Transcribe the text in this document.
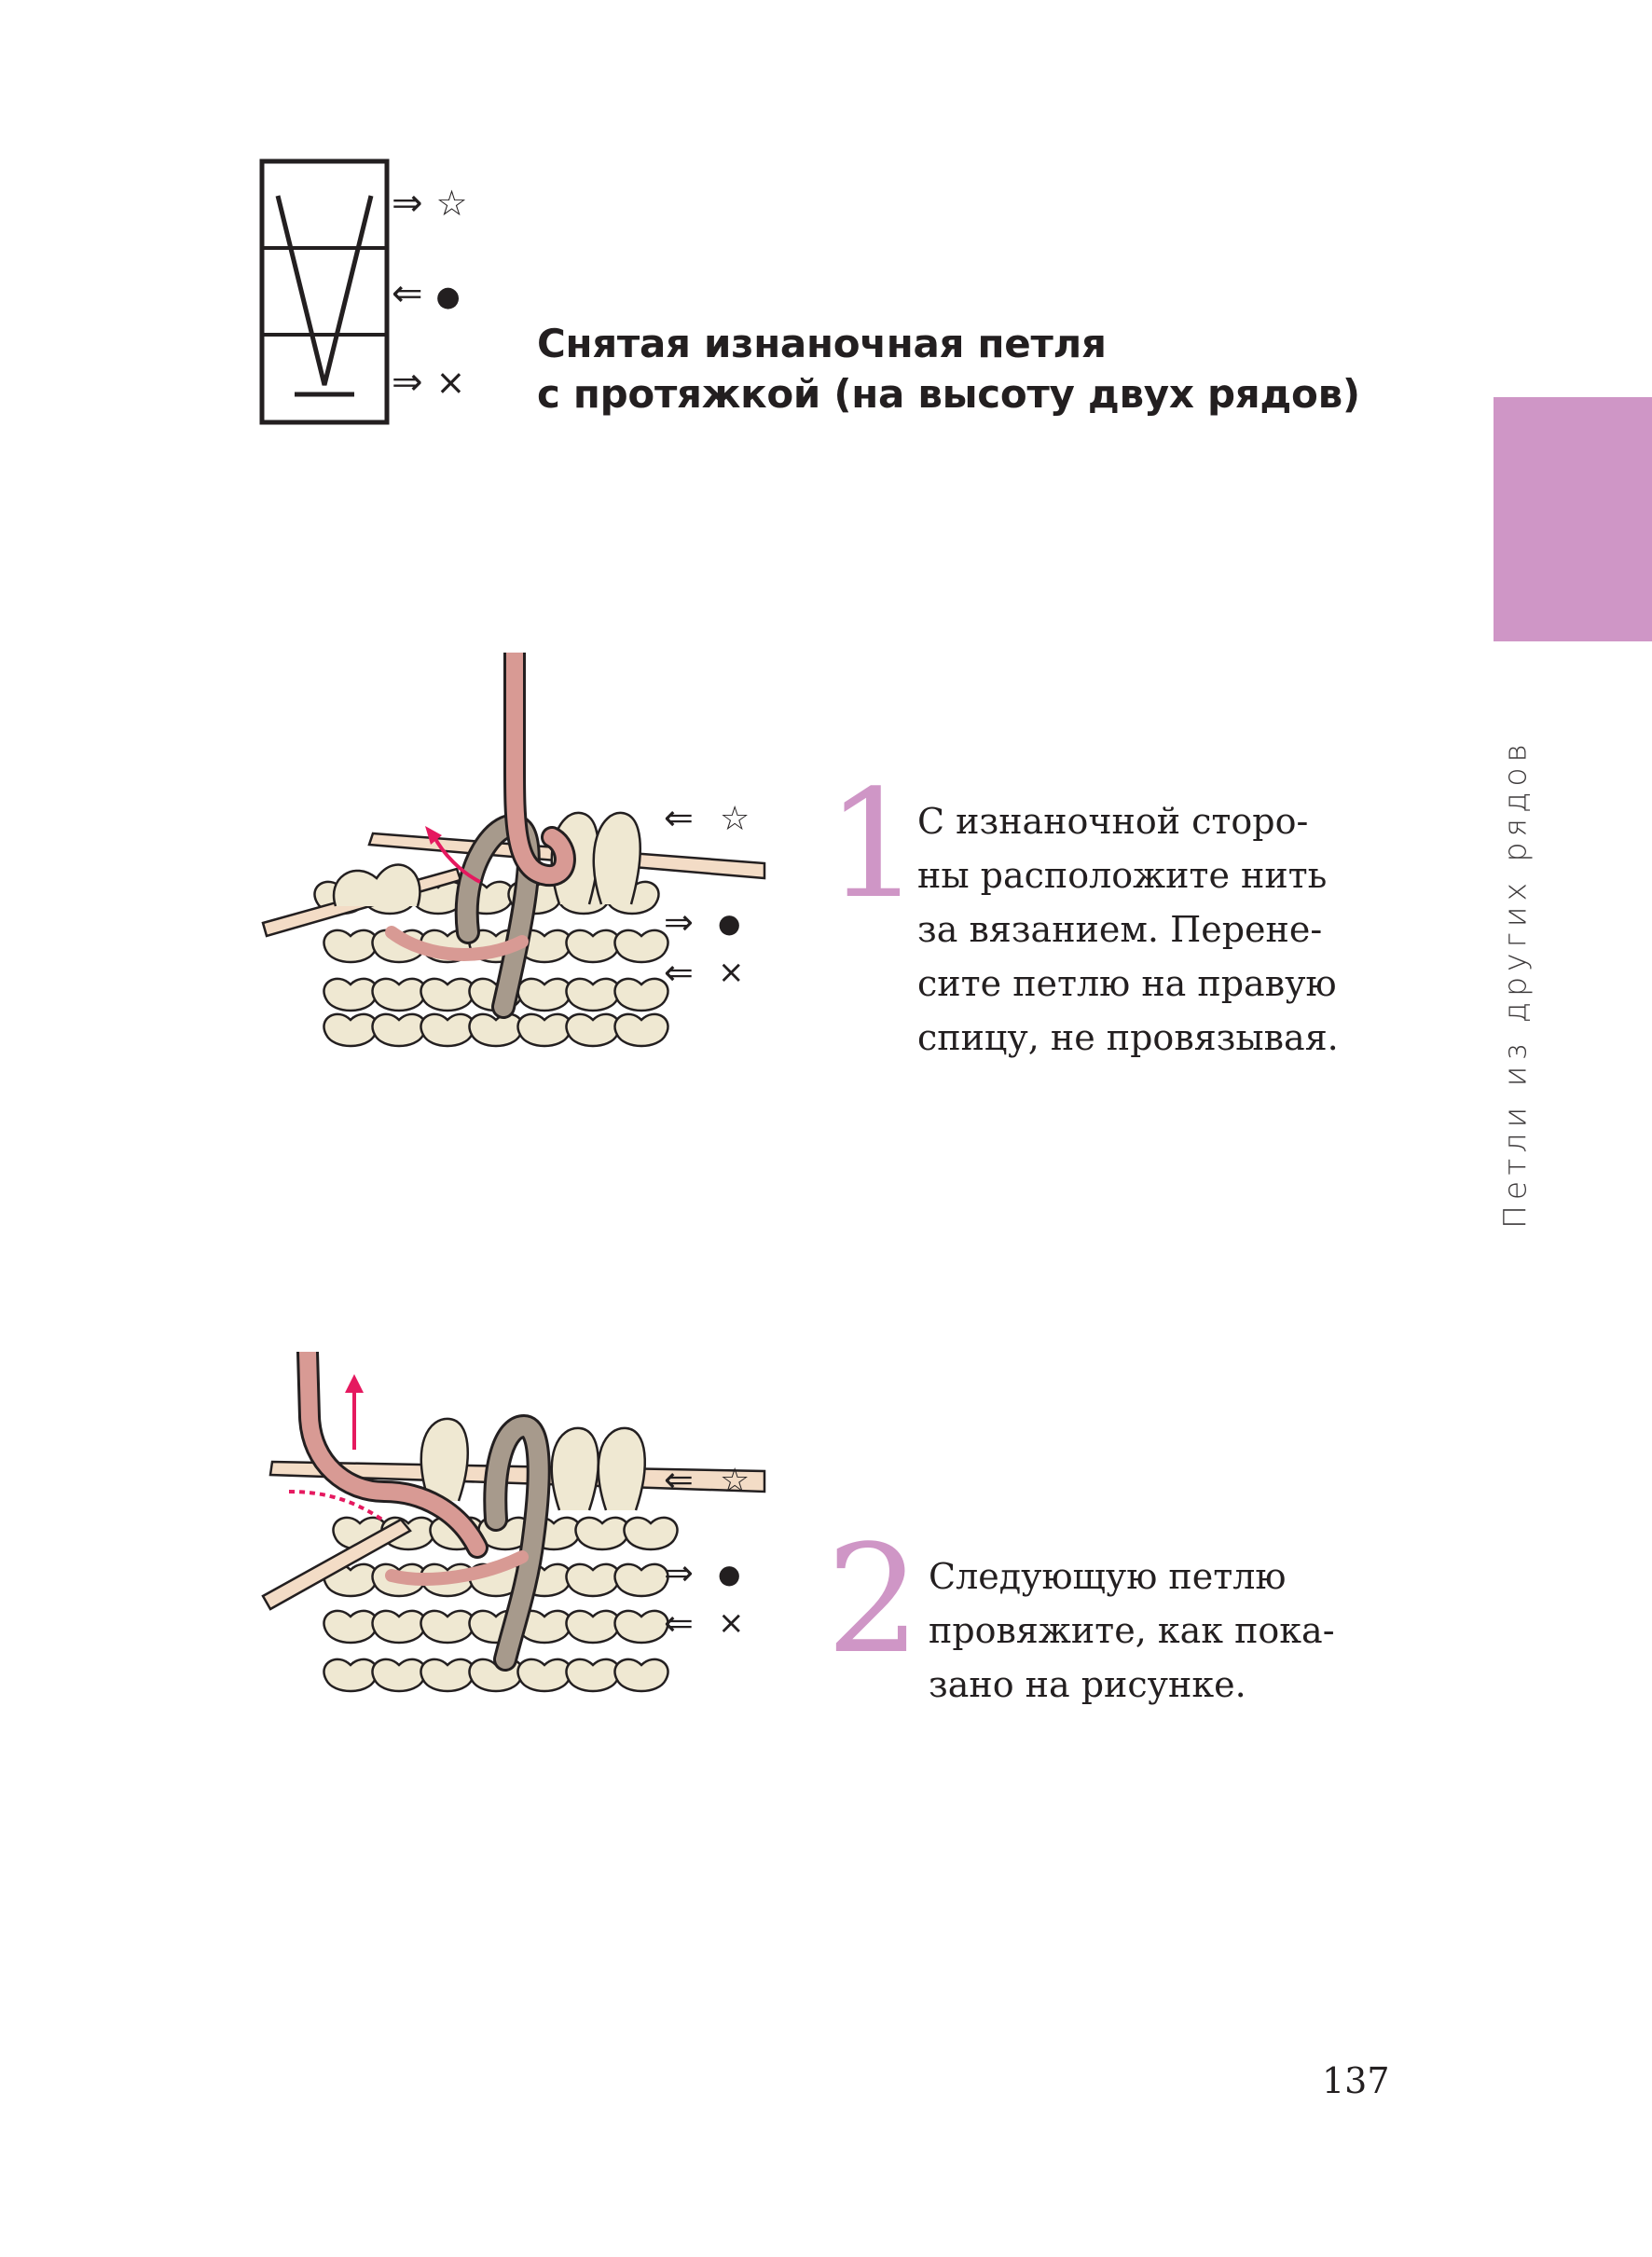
⇒ ☆
⇐ ●
⇒ ×
Снятая изнаночная петля
с протяжкой (на высоту двух рядов)
Петли из других рядов
⇐ ☆
⇒ ●
⇐ ×
1
С изнаночной сторо-
ны расположите нить
за вязанием. Перене-
сите петлю на правую
спицу, не провязывая.
⇐ ☆
⇒ ●
⇐ × 2 Следующую петлю
провяжите, как пока-
зано на рисунке.
137
